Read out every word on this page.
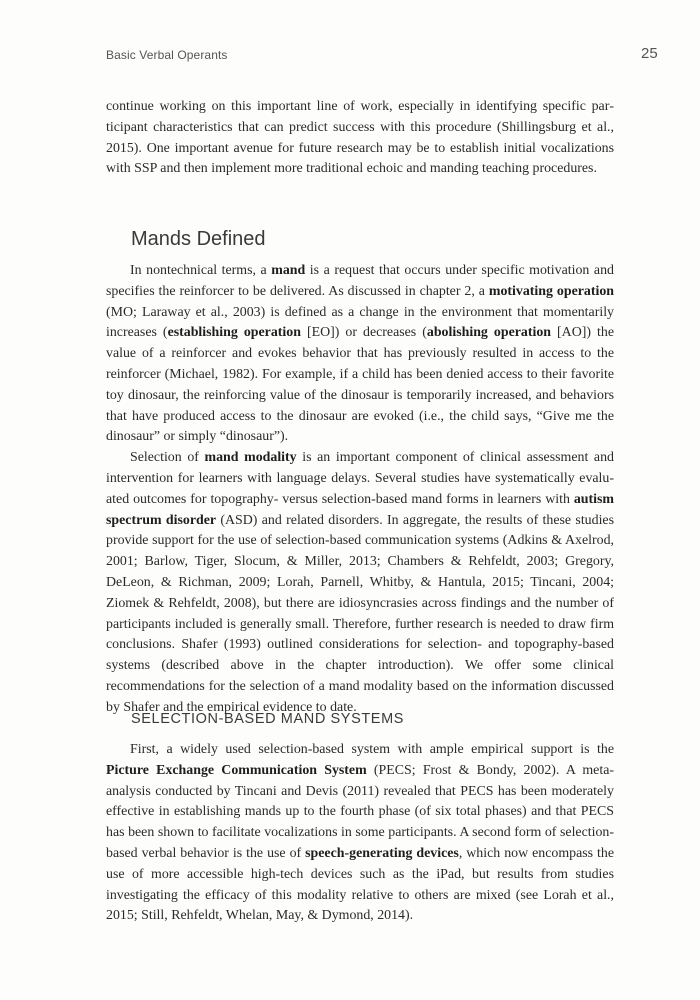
Basic Verbal Operants	25

continue working on this important line of work, especially in identifying specific participant characteristics that can predict success with this procedure (Shillingsburg et al., 2015). One important avenue for future research may be to establish initial vocalizations with SSP and then implement more traditional echoic and manding teaching procedures.

Mands Defined

In nontechnical terms, a mand is a request that occurs under specific motivation and specifies the reinforcer to be delivered. As discussed in chapter 2, a motivating operation (MO; Laraway et al., 2003) is defined as a change in the environment that momentarily increases (establishing operation [EO]) or decreases (abolishing operation [AO]) the value of a reinforcer and evokes behavior that has previously resulted in access to the reinforcer (Michael, 1982). For example, if a child has been denied access to their favorite toy dinosaur, the reinforcing value of the dinosaur is temporarily increased, and behaviors that have produced access to the dinosaur are evoked (i.e., the child says, “Give me the dinosaur” or simply “dinosaur”).

Selection of mand modality is an important component of clinical assessment and intervention for learners with language delays. Several studies have systematically evaluated outcomes for topography- versus selection-based mand forms in learners with autism spectrum disorder (ASD) and related disorders. In aggregate, the results of these studies provide support for the use of selection-based communication systems (Adkins & Axelrod, 2001; Barlow, Tiger, Slocum, & Miller, 2013; Chambers & Rehfeldt, 2003; Gregory, DeLeon, & Richman, 2009; Lorah, Parnell, Whitby, & Hantula, 2015; Tincani, 2004; Ziomek & Rehfeldt, 2008), but there are idiosyncrasies across findings and the number of participants included is generally small. Therefore, further research is needed to draw firm conclusions. Shafer (1993) outlined considerations for selection- and topography-based systems (described above in the chapter introduction). We offer some clinical recommendations for the selection of a mand modality based on the information discussed by Shafer and the empirical evidence to date.

SELECTION-BASED MAND SYSTEMS

First, a widely used selection-based system with ample empirical support is the Picture Exchange Communication System (PECS; Frost & Bondy, 2002). A meta-analysis conducted by Tincani and Devis (2011) revealed that PECS has been moderately effective in establishing mands up to the fourth phase (of six total phases) and that PECS has been shown to facilitate vocalizations in some participants. A second form of selection-based verbal behavior is the use of speech-generating devices, which now encompass the use of more accessible high-tech devices such as the iPad, but results from studies investigating the efficacy of this modality relative to others are mixed (see Lorah et al., 2015; Still, Rehfeldt, Whelan, May, & Dymond, 2014).
